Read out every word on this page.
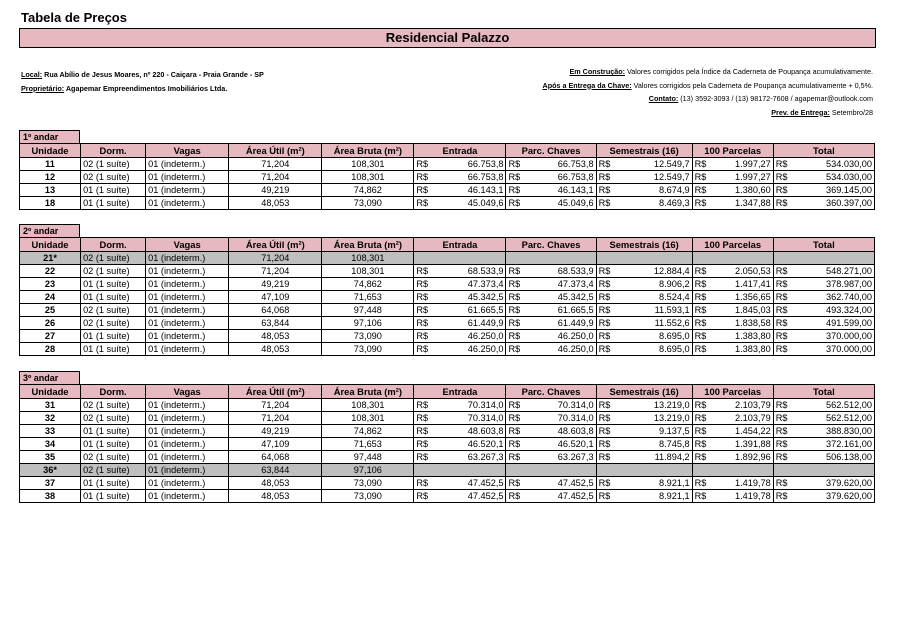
Tabela de Preços
Residencial Palazzo
Local: Rua Abílio de Jesus Moares, nº 220 - Caiçara - Praia Grande - SP
Proprietário: Agapemar Empreendimentos Imobiliários Ltda.
Em Construção: Valores corrigidos pela Índice da Caderneta de Poupança acumulativamente.
Após a Entrega da Chave: Valores corrigidos pela Caderneta de Poupança acumulativamente + 0,5%.
Contato: (13) 3592-3093 / (13) 98172-7608 / agapemar@outlook.com
Prev. de Entrega: Setembro/28
1º andar
Unidade	Dorm.	Vagas	Área Útil (m²)	Área Bruta (m²)	Entrada		Parc. Chaves		Semestrais (16)		100 Parcelas		Total	
11	02 (1 suíte)	01 (indeterm.)	71,204	108,301	R$	66.753,8	R$	66.753,8	R$	12.549,7	R$	1.997,27	R$	534.030,00
12	02 (1 suíte)	01 (indeterm.)	71,204	108,301	R$	66.753,8	R$	66.753,8	R$	12.549,7	R$	1.997,27	R$	534.030,00
13	01 (1 suíte)	01 (indeterm.)	49,219	74,862	R$	46.143,1	R$	46.143,1	R$	8.674,9	R$	1.380,60	R$	369.145,00
18	01 (1 suíte)	01 (indeterm.)	48,053	73,090	R$	45.049,6	R$	45.049,6	R$	8.469,3	R$	1.347,88	R$	360.397,00
2º andar
Unidade	Dorm.	Vagas	Área Útil (m²)	Área Bruta (m²)	Entrada		Parc. Chaves		Semestrais (16)		100 Parcelas		Total	
21*	02 (1 suíte)	01 (indeterm.)	71,204	108,301										
22	02 (1 suíte)	01 (indeterm.)	71,204	108,301	R$	68.533,9	R$	68.533,9	R$	12.884,4	R$	2.050,53	R$	548.271,00
23	01 (1 suíte)	01 (indeterm.)	49,219	74,862	R$	47.373,4	R$	47.373,4	R$	8.906,2	R$	1.417,41	R$	378.987,00
24	01 (1 suíte)	01 (indeterm.)	47,109	71,653	R$	45.342,5	R$	45.342,5	R$	8.524,4	R$	1.356,65	R$	362.740,00
25	02 (1 suíte)	01 (indeterm.)	64,068	97,448	R$	61.665,5	R$	61.665,5	R$	11.593,1	R$	1.845,03	R$	493.324,00
26	02 (1 suíte)	01 (indeterm.)	63,844	97,106	R$	61.449,9	R$	61.449,9	R$	11.552,6	R$	1.838,58	R$	491.599,00
27	01 (1 suíte)	01 (indeterm.)	48,053	73,090	R$	46.250,0	R$	46.250,0	R$	8.695,0	R$	1.383,80	R$	370.000,00
28	01 (1 suíte)	01 (indeterm.)	48,053	73,090	R$	46.250,0	R$	46.250,0	R$	8.695,0	R$	1.383,80	R$	370.000,00
3º andar
Unidade	Dorm.	Vagas	Área Útil (m²)	Área Bruta (m²)	Entrada		Parc. Chaves		Semestrais (16)		100 Parcelas		Total	
31	02 (1 suíte)	01 (indeterm.)	71,204	108,301	R$	70.314,0	R$	70.314,0	R$	13.219,0	R$	2.103,79	R$	562.512,00
32	02 (1 suíte)	01 (indeterm.)	71,204	108,301	R$	70.314,0	R$	70.314,0	R$	13.219,0	R$	2.103,79	R$	562.512,00
33	01 (1 suíte)	01 (indeterm.)	49,219	74,862	R$	48.603,8	R$	48.603,8	R$	9.137,5	R$	1.454,22	R$	388.830,00
34	01 (1 suíte)	01 (indeterm.)	47,109	71,653	R$	46.520,1	R$	46.520,1	R$	8.745,8	R$	1.391,88	R$	372.161,00
35	02 (1 suíte)	01 (indeterm.)	64,068	97,448	R$	63.267,3	R$	63.267,3	R$	11.894,2	R$	1.892,96	R$	506.138,00
36*	02 (1 suíte)	01 (indeterm.)	63,844	97,106										
37	01 (1 suíte)	01 (indeterm.)	48,053	73,090	R$	47.452,5	R$	47.452,5	R$	8.921,1	R$	1.419,78	R$	379.620,00
38	01 (1 suíte)	01 (indeterm.)	48,053	73,090	R$	47.452,5	R$	47.452,5	R$	8.921,1	R$	1.419,78	R$	379.620,00
